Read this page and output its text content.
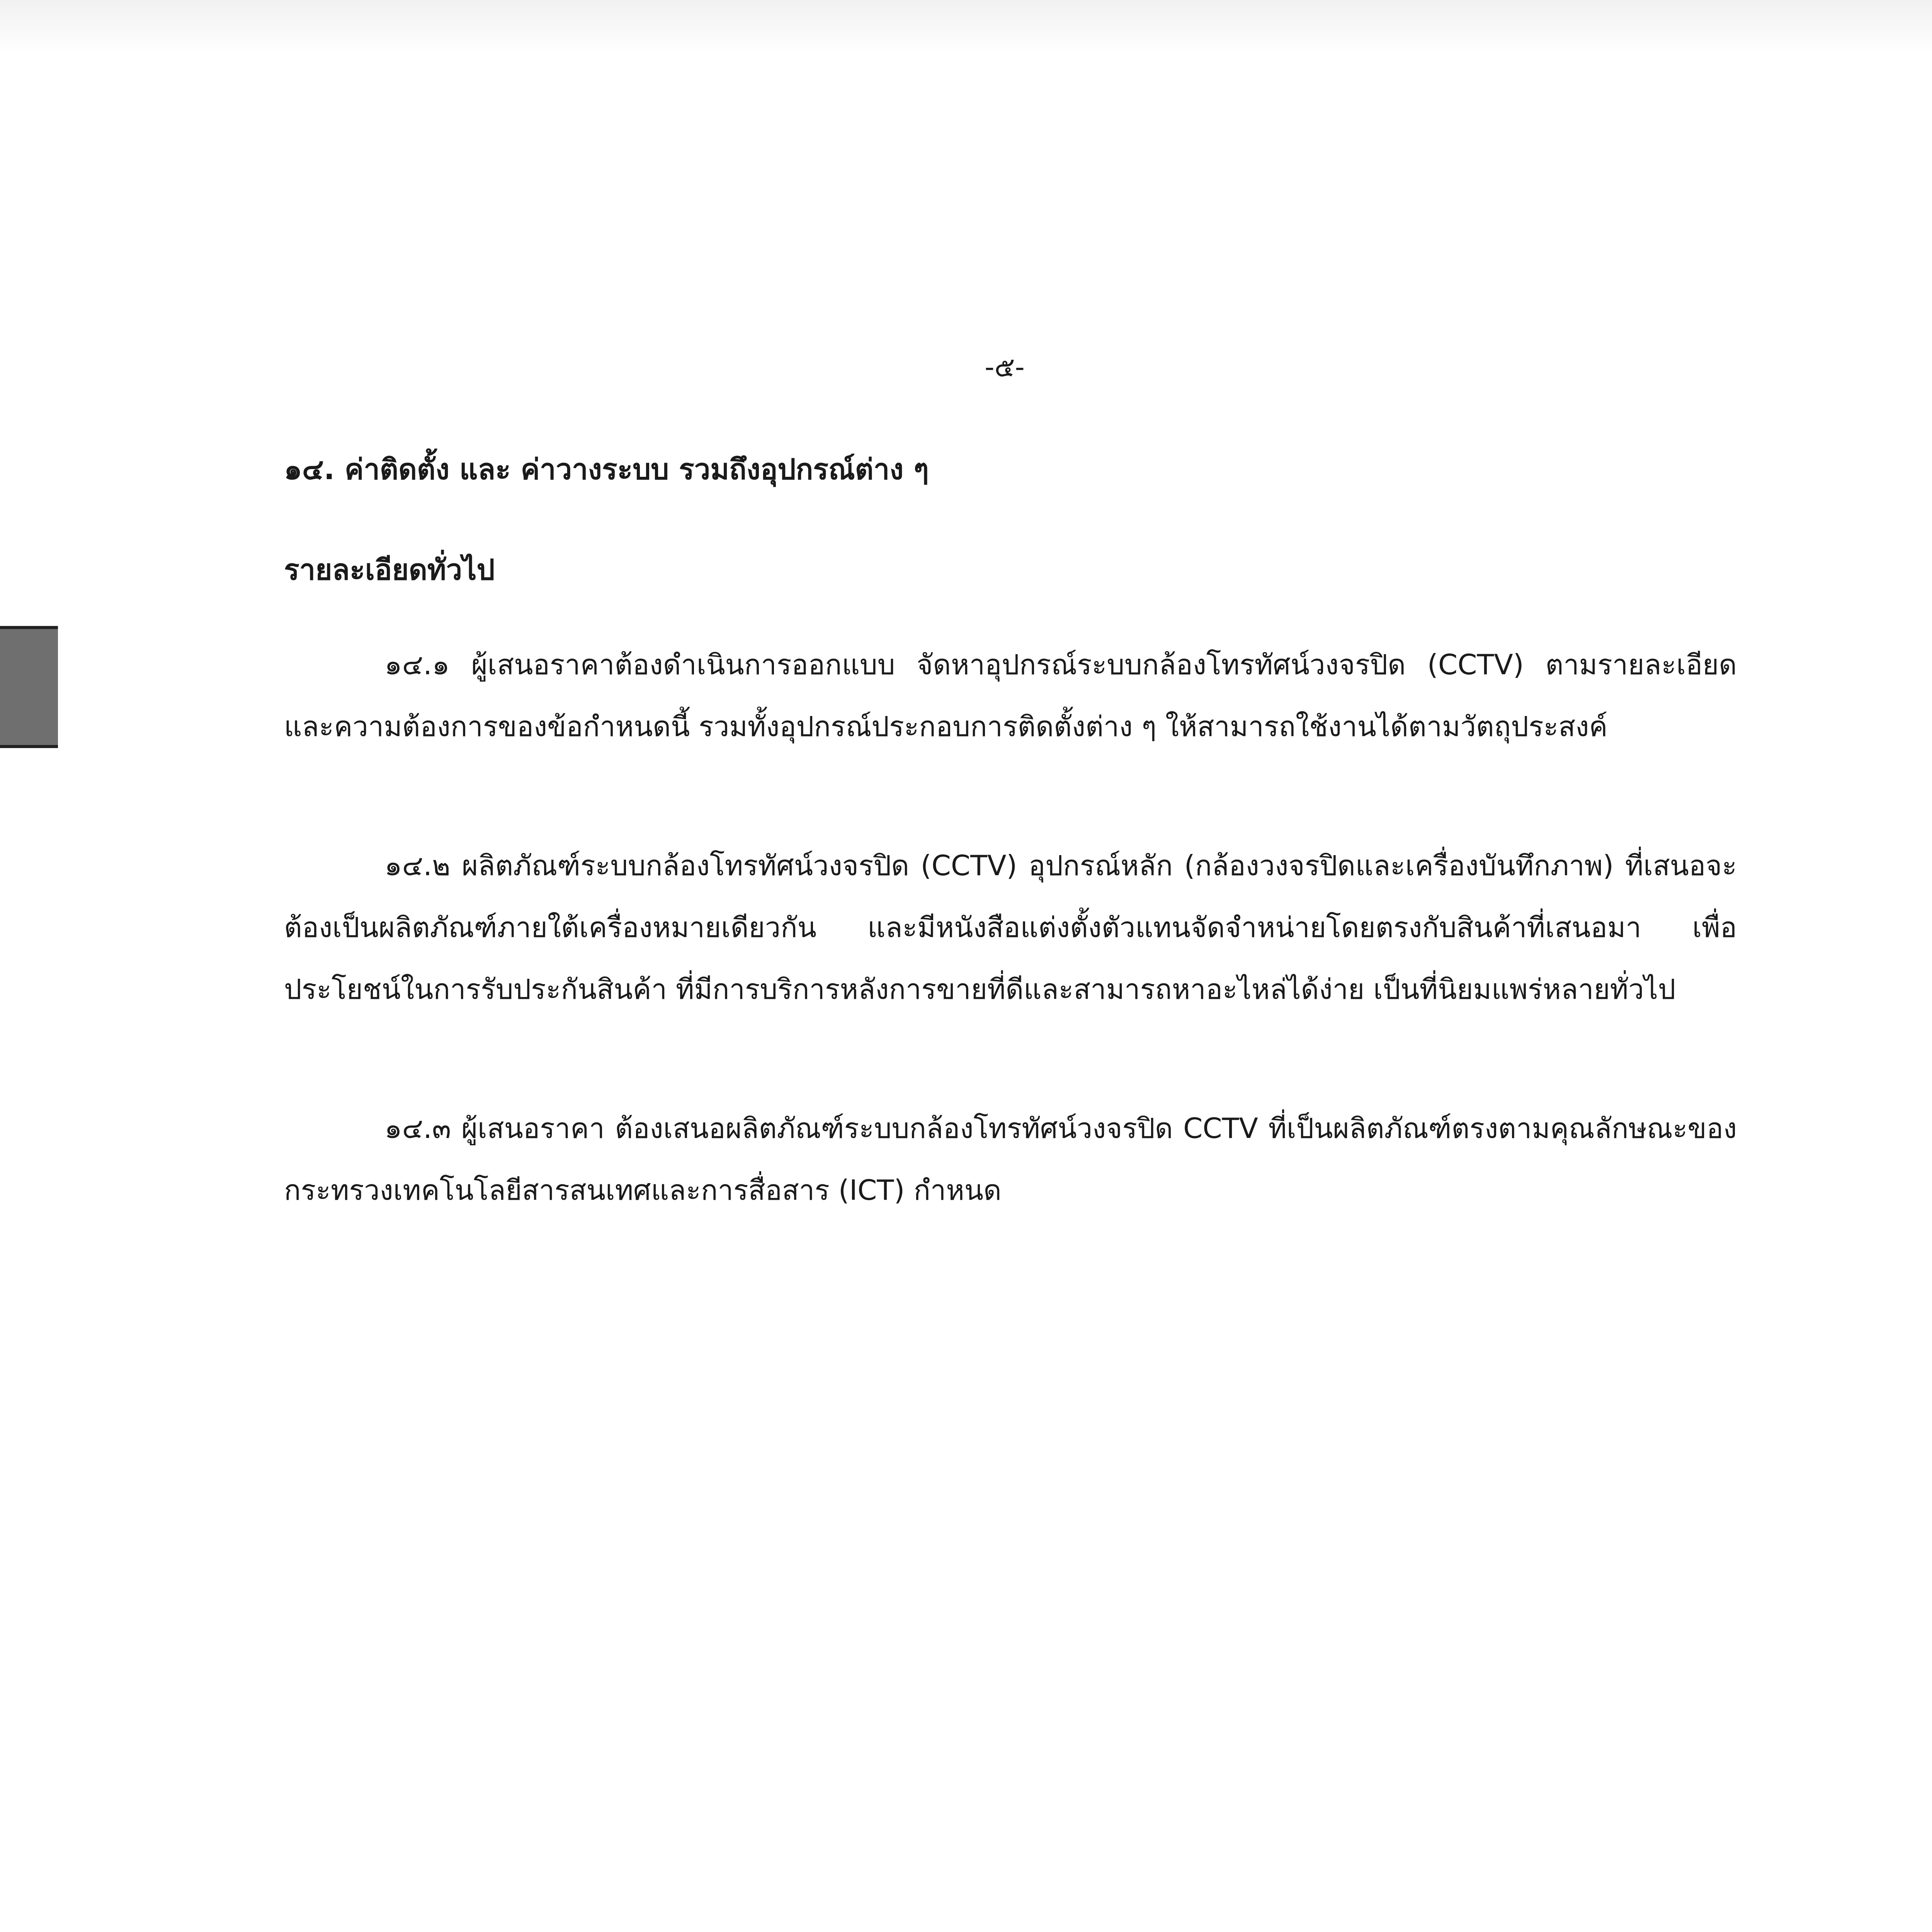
-๕-
๑๔. ค่าติดตั้ง และ ค่าวางระบบ รวมถึงอุปกรณ์ต่าง ๆ
รายละเอียดทั่วไป
๑๔.๑ ผู้เสนอราคาต้องดำเนินการออกแบบ จัดหาอุปกรณ์ระบบกล้องโทรทัศน์วงจรปิด (CCTV) ตามรายละเอียด และความต้องการของข้อกำหนดนี้ รวมทั้งอุปกรณ์ประกอบการติดตั้งต่าง ๆ ให้สามารถใช้งานได้ตามวัตถุประสงค์
๑๔.๒ ผลิตภัณฑ์ระบบกล้องโทรทัศน์วงจรปิด (CCTV) อุปกรณ์หลัก (กล้องวงจรปิดและเครื่องบันทึกภาพ) ที่เสนอจะต้องเป็นผลิตภัณฑ์ภายใต้เครื่องหมายเดียวกัน และมีหนังสือแต่งตั้งตัวแทนจัดจำหน่ายโดยตรงกับสินค้าที่เสนอมา เพื่อประโยชน์ในการรับประกันสินค้า ที่มีการบริการหลังการขายที่ดีและสามารถหาอะไหล่ได้ง่าย เป็นที่นิยมแพร่หลายทั่วไป
๑๔.๓ ผู้เสนอราคา ต้องเสนอผลิตภัณฑ์ระบบกล้องโทรทัศน์วงจรปิด CCTV ที่เป็นผลิตภัณฑ์ตรงตามคุณลักษณะของกระทรวงเทคโนโลยีสารสนเทศและการสื่อสาร (ICT) กำหนด
